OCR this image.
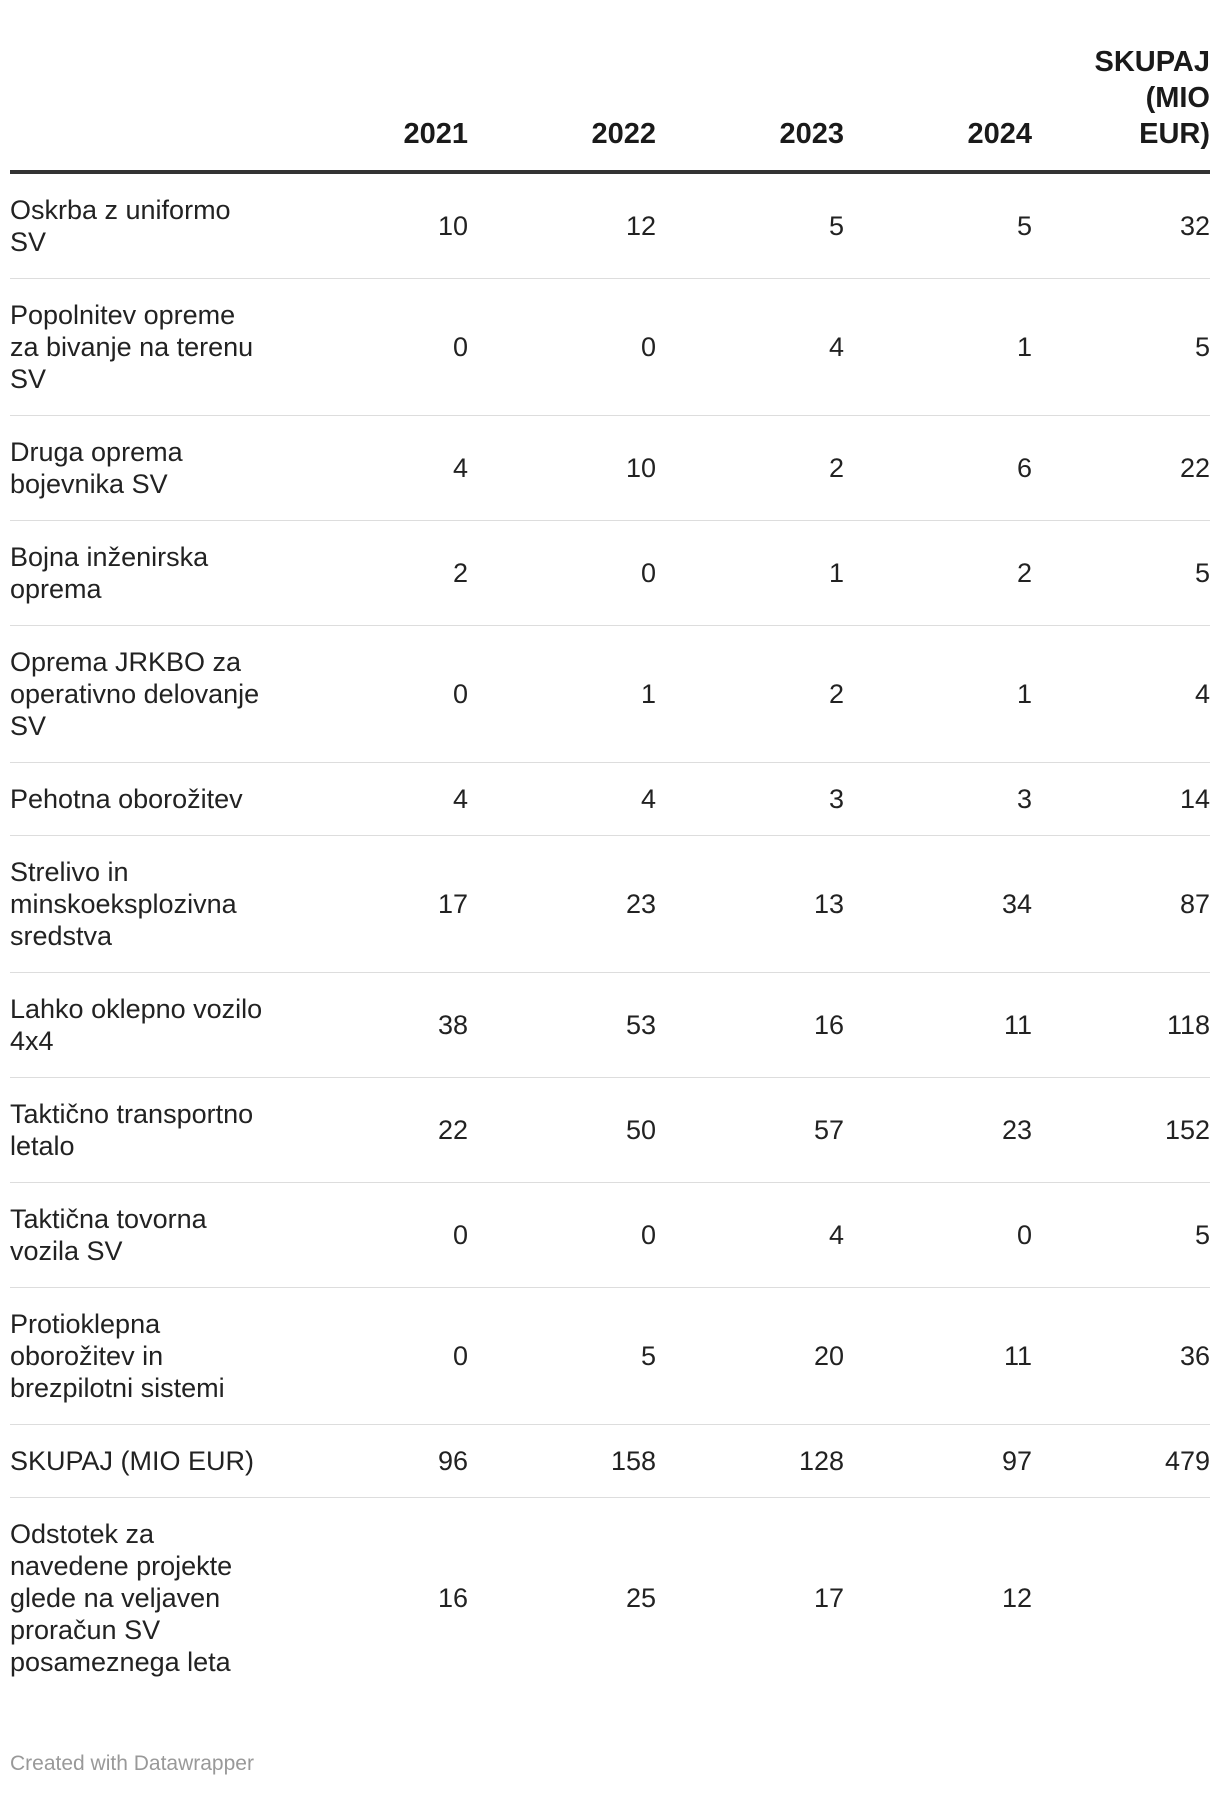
	2021	2022	2023	2024	SKUPAJ (MIO EUR)
Oskrba z uniformo SV	10	12	5	5	32
Popolnitev opreme za bivanje na terenu SV	0	0	4	1	5
Druga oprema bojevnika SV	4	10	2	6	22
Bojna inženirska oprema	2	0	1	2	5
Oprema JRKBO za operativno delovanje SV	0	1	2	1	4
Pehotna oborožitev	4	4	3	3	14
Strelivo in minskoeksplozivna sredstva	17	23	13	34	87
Lahko oklepno vozilo 4x4	38	53	16	11	118
Taktično transportno letalo	22	50	57	23	152
Taktična tovorna vozila SV	0	0	4	0	5
Protioklepna oborožitev in brezpilotni sistemi	0	5	20	11	36
SKUPAJ (MIO EUR)	96	158	128	97	479
Odstotek za navedene projekte glede na veljaven proračun SV posameznega leta	16	25	17	12	
Created with Datawrapper
